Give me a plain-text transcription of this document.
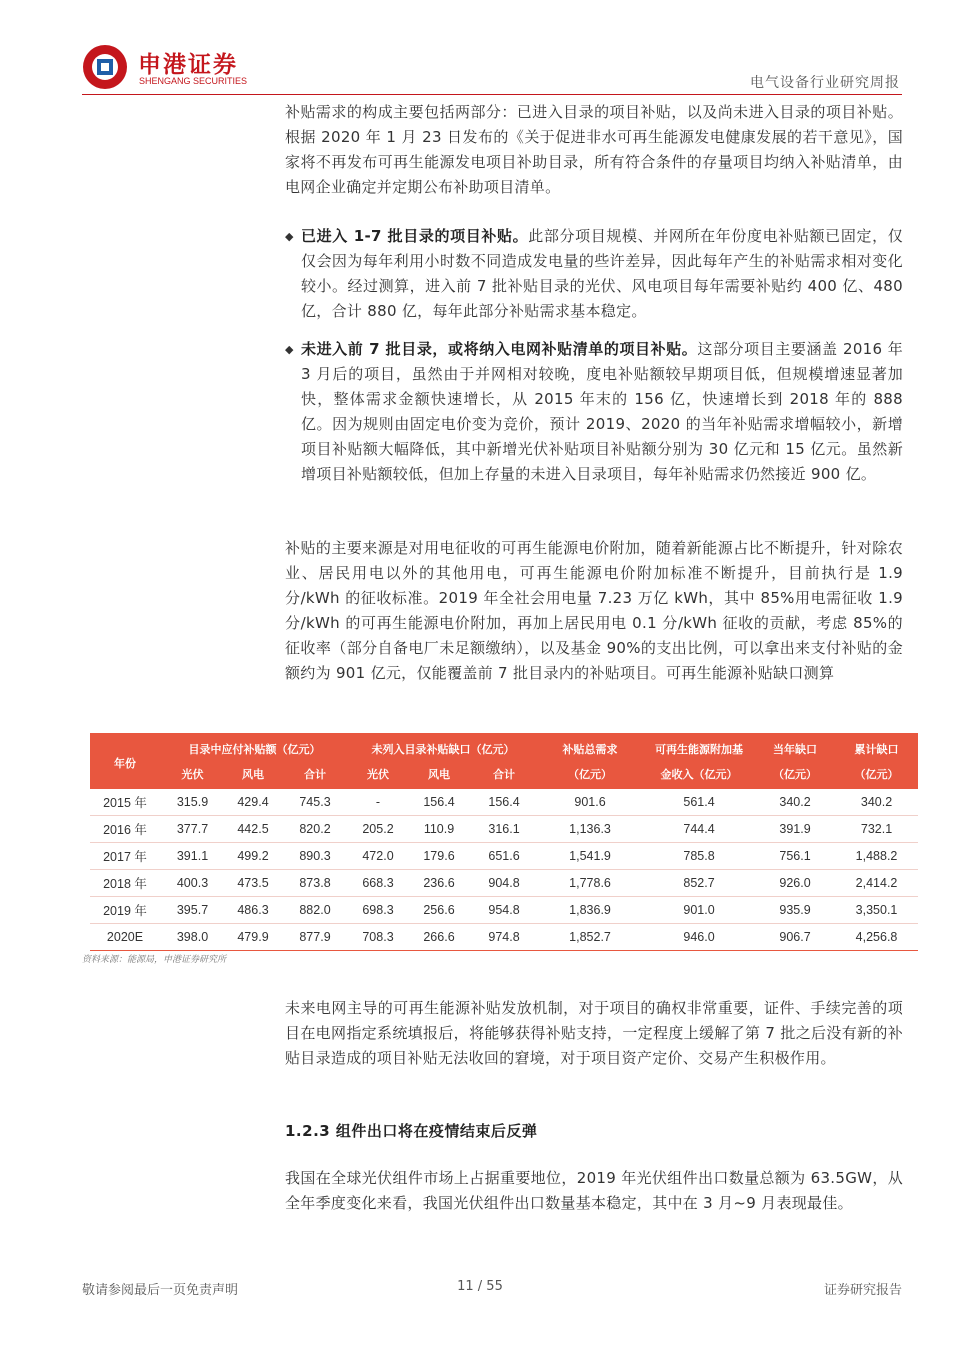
申港证券
SHENGANG SECURITIES	电气设备行业研究周报

补贴需求的构成主要包括两部分：已进入目录的项目补贴，以及尚未进入目录的项目补贴。根据 2020 年 1 月 23 日发布的《关于促进非水可再生能源发电健康发展的若干意见》，国家将不再发布可再生能源发电项目补助目录，所有符合条件的存量项目均纳入补贴清单，由电网企业确定并定期公布补助项目清单。

◆ 已进入 1-7 批目录的项目补贴。此部分项目规模、并网所在年份度电补贴额已固定，仅仅会因为每年利用小时数不同造成发电量的些许差异，因此每年产生的补贴需求相对变化较小。经过测算，进入前 7 批补贴目录的光伏、风电项目每年需要补贴约 400 亿、480 亿，合计 880 亿，每年此部分补贴需求基本稳定。
◆ 未进入前 7 批目录，或将纳入电网补贴清单的项目补贴。这部分项目主要涵盖 2016 年 3 月后的项目，虽然由于并网相对较晚，度电补贴额较早期项目低，但规模增速显著加快，整体需求金额快速增长，从 2015 年末的 156 亿，快速增长到 2018 年的 888 亿。因为规则由固定电价变为竞价，预计 2019、2020 的当年补贴需求增幅较小，新增项目补贴额大幅降低，其中新增光伏补贴项目补贴额分别为 30 亿元和 15 亿元。虽然新增项目补贴额较低，但加上存量的未进入目录项目，每年补贴需求仍然接近 900 亿。

补贴的主要来源是对用电征收的可再生能源电价附加，随着新能源占比不断提升，针对除农业、居民用电以外的其他用电，可再生能源电价附加标准不断提升，目前执行是 1.9 分/kWh 的征收标准。2019 年全社会用电量 7.23 万亿 kWh，其中 85%用电需征收 1.9 分/kWh 的可再生能源电价附加，再加上居民用电 0.1 分/kWh 征收的贡献，考虑 85%的征收率（部分自备电厂未足额缴纳），以及基金 90%的支出比例，可以拿出来支付补贴的金额约为 901 亿元，仅能覆盖前 7 批目录内的补贴项目。可再生能源补贴缺口测算

年份	目录中应付补贴额（亿元）			未列入目录补贴缺口（亿元）			补贴总需求	可再生能源附加基	当年缺口	累计缺口
	光伏	风电	合计	光伏	风电	合计	（亿元）	金收入（亿元）	（亿元）	（亿元）
2015 年	315.9	429.4	745.3	-	156.4	156.4	901.6	561.4	340.2	340.2
2016 年	377.7	442.5	820.2	205.2	110.9	316.1	1,136.3	744.4	391.9	732.1
2017 年	391.1	499.2	890.3	472.0	179.6	651.6	1,541.9	785.8	756.1	1,488.2
2018 年	400.3	473.5	873.8	668.3	236.6	904.8	1,778.6	852.7	926.0	2,414.2
2019 年	395.7	486.3	882.0	698.3	256.6	954.8	1,836.9	901.0	935.9	3,350.1
2020E	398.0	479.9	877.9	708.3	266.6	974.8	1,852.7	946.0	906.7	4,256.8
资料来源：能源局，申港证券研究所

未来电网主导的可再生能源补贴发放机制，对于项目的确权非常重要，证件、手续完善的项目在电网指定系统填报后，将能够获得补贴支持，一定程度上缓解了第 7 批之后没有新的补贴目录造成的项目补贴无法收回的窘境，对于项目资产定价、交易产生积极作用。

1.2.3 组件出口将在疫情结束后反弹

我国在全球光伏组件市场上占据重要地位，2019 年光伏组件出口数量总额为 63.5GW，从全年季度变化来看，我国光伏组件出口数量基本稳定，其中在 3 月~9 月表现最佳。

敬请参阅最后一页免责声明	11 / 55	证券研究报告
